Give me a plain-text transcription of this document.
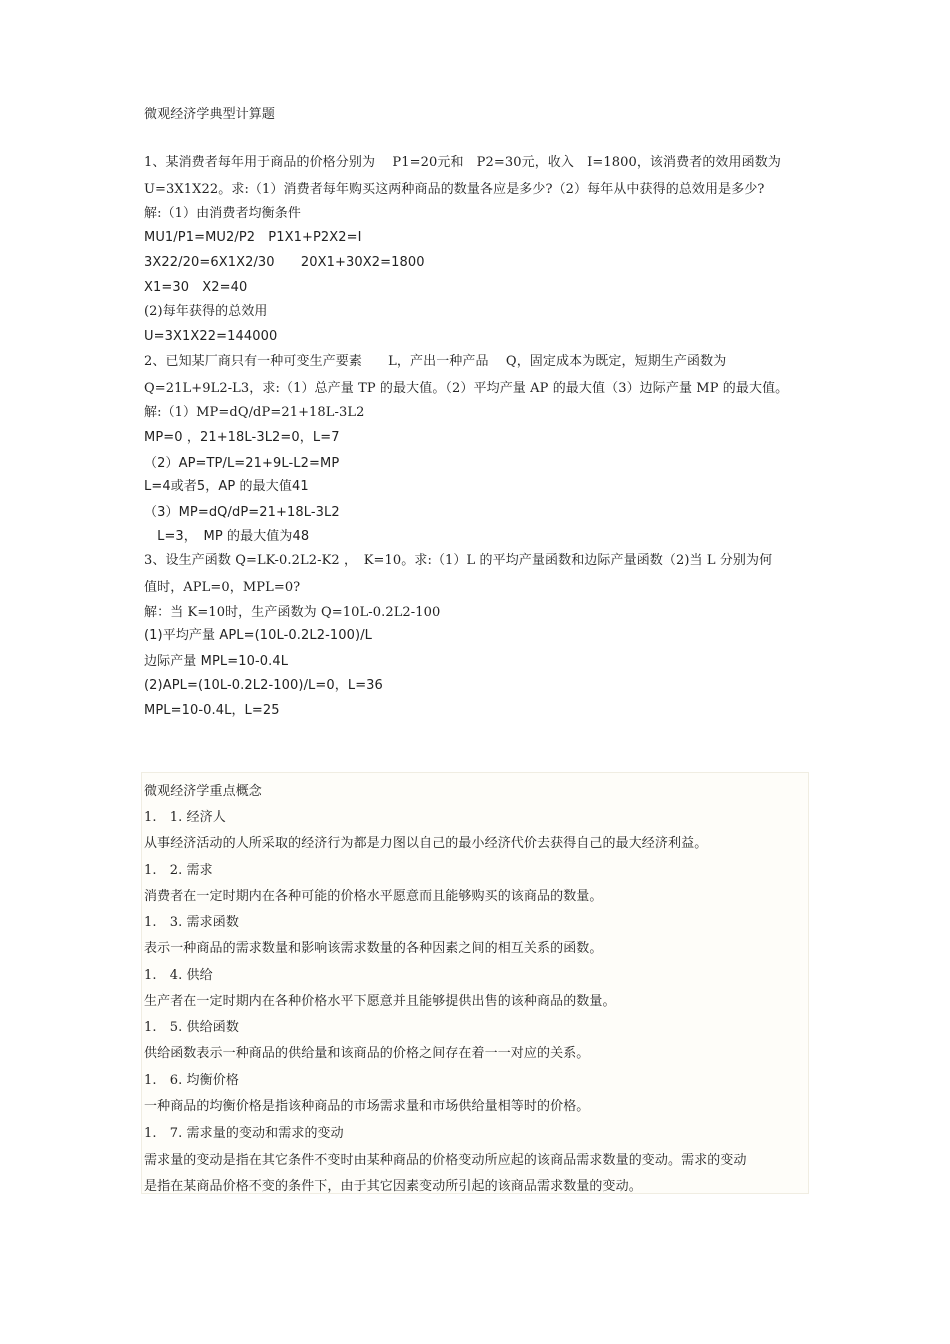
微观经济学典型计算题
1、某消费者每年用于商品的价格分别为　 P1=20元和　P2=30元，收入　I=1800，该消费者的效用函数为
U=3X1X22。求:（1）消费者每年购买这两种商品的数量各应是多少?（2）每年从中获得的总效用是多少?
解:（1）由消费者均衡条件
MU1/P1=MU2/P2　P1X1+P2X2=I
3X22/20=6X1X2/30　　20X1+30X2=1800
X1=30　X2=40
(2)每年获得的总效用
U=3X1X22=144000
2、已知某厂商只有一种可变生产要素　　L，产出一种产品　 Q，固定成本为既定，短期生产函数为
Q=21L+9L2-L3，求:（1）总产量 TP 的最大值。（2）平均产量 AP 的最大值（3）边际产量 MP 的最大值。
解:（1）MP=dQ/dP=21+18L-3L2
MP=0 ，21+18L-3L2=0，L=7
（2）AP=TP/L=21+9L-L2=MP
L=4或者5，AP 的最大值41
（3）MP=dQ/dP=21+18L-3L2
　L=3，　MP 的最大值为48
3、设生产函数 Q=LK-0.2L2-K2 ，　K=10。求:（1）L 的平均产量函数和边际产量函数（2)当 L 分别为何
值时，APL=0，MPL=0?
解：当 K=10时，生产函数为 Q=10L-0.2L2-100
(1)平均产量 APL=(10L-0.2L2-100)/L
边际产量 MPL=10-0.4L
(2)APL=(10L-0.2L2-100)/L=0，L=36
MPL=10-0.4L，L=25
微观经济学重点概念
1.　1. 经济人
从事经济活动的人所采取的经济行为都是力图以自己的最小经济代价去获得自己的最大经济利益。
1.　2. 需求
消费者在一定时期内在各种可能的价格水平愿意而且能够购买的该商品的数量。
1.　3. 需求函数
表示一种商品的需求数量和影响该需求数量的各种因素之间的相互关系的函数。
1.　4. 供给
生产者在一定时期内在各种价格水平下愿意并且能够提供出售的该种商品的数量。
1.　5. 供给函数
供给函数表示一种商品的供给量和该商品的价格之间存在着一一对应的关系。
1.　6. 均衡价格
一种商品的均衡价格是指该种商品的市场需求量和市场供给量相等时的价格。
1.　7. 需求量的变动和需求的变动
需求量的变动是指在其它条件不变时由某种商品的价格变动所应起的该商品需求数量的变动。需求的变动
是指在某商品价格不变的条件下，由于其它因素变动所引起的该商品需求数量的变动。
